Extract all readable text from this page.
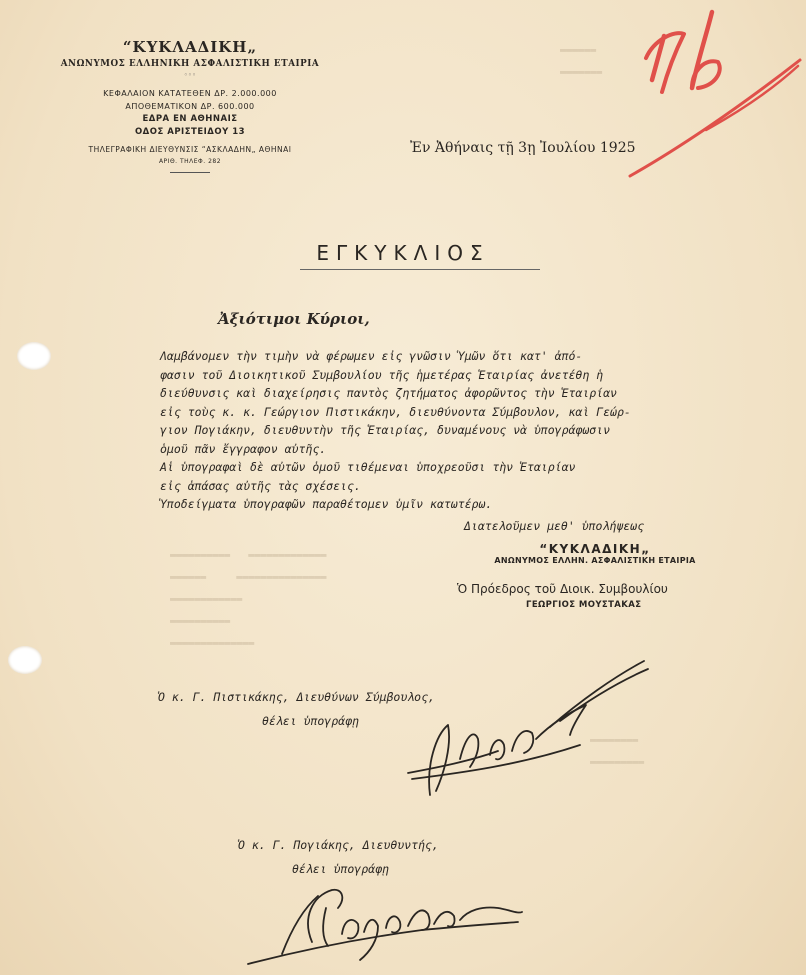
▬▬▬▬▬▬
▬▬▬▬▬▬▬
▬▬▬▬▬▬▬▬▬▬   ▬▬▬▬▬▬▬▬▬▬▬▬▬
▬▬▬▬▬▬     ▬▬▬▬▬▬▬▬▬▬▬▬▬▬▬
▬▬▬▬▬▬▬▬▬▬▬▬
▬▬▬▬▬▬▬▬▬▬
▬▬▬▬▬▬▬▬▬▬▬▬▬▬
▬▬▬▬▬▬▬▬
▬▬▬▬▬▬▬▬▬
“ΚΥΚΛΑΔΙΚΗ„
ΑΝΩΝΥΜΟΣ ΕΛΛΗΝΙΚΗ ΑΣΦΑΛΙΣΤΙΚΗ ΕΤΑΙΡΙΑ
◦◦◦
ΚΕΦΑΛΑΙΟΝ ΚΑΤΑΤΕΘΕΝ ΔΡ. 2.000.000
ΑΠΟΘΕΜΑΤΙΚΟΝ ΔΡ. 600.000
ΕΔΡΑ ΕΝ ΑΘΗΝΑΙΣ
ΟΔΟΣ ΑΡΙΣΤΕΙΔΟΥ 13
ΤΗΛΕΓΡΑΦΙΚΗ ΔΙΕΥΘΥΝΣΙΣ “ΑΣΚΛΑΔΗΝ„ ΑΘΗΝΑΙ
ΑΡΙΘ. ΤΗΛΕΦ. 282
Ἐν Ἀθήναις τῇ 3ῃ Ἰουλίου 1925
ΕΓΚΥΚΛΙΟΣ
Ἀξιότιμοι Κύριοι,

Λαμβάνομεν τὴν τιμὴν νὰ φέρωμεν εἰς γνῶσιν Ὑμῶν ὅτι κατ' ἀπό-

φασιν τοῦ Διοικητικοῦ Συμβουλίου τῆς ἡμετέρας Ἑταιρίας ἀνετέθη ἡ

διεύθυνσις καὶ διαχείρησις παντὸς ζητήματος ἀφορῶντος τὴν Ἑταιρίαν

εἰς τοὺς κ. κ. Γεώργιον Πιστικάκην, διευθύνοντα Σύμβουλον, καὶ Γεώρ-

γιον Πογιάκην, διευθυντὴν τῆς Ἑταιρίας, δυναμένους νὰ ὑπογράφωσιν

ὁμοῦ πᾶν ἔγγραφον αὐτῆς.

Αἱ ὑπογραφαὶ δὲ αὐτῶν ὁμοῦ τιθέμεναι ὑποχρεοῦσι τὴν Ἑταιρίαν

εἰς ἁπάσας αὐτῆς τὰς σχέσεις.

Ὑποδείγματα ὑπογραφῶν παραθέτομεν ὑμῖν κατωτέρω.

Διατελοῦμεν μεθ' ὑπολήψεως
“ΚΥΚΛΑΔΙΚΗ„
ΑΝΩΝΥΜΟΣ ΕΛΛΗΝ. ΑΣΦΑΛΙΣΤΙΚΗ ΕΤΑΙΡΙΑ
Ὁ Πρόεδρος τοῦ Διοικ. Συμβουλίου
ΓΕΩΡΓΙΟΣ ΜΟΥΣΤΑΚΑΣ
Ὁ κ. Γ. Πιστικάκης, Διευθύνων Σύμβουλος,
θέλει ὑπογράφῃ
Ὁ κ. Γ. Πογιάκης, Διευθυντής,
θέλει ὑπογράφῃ
